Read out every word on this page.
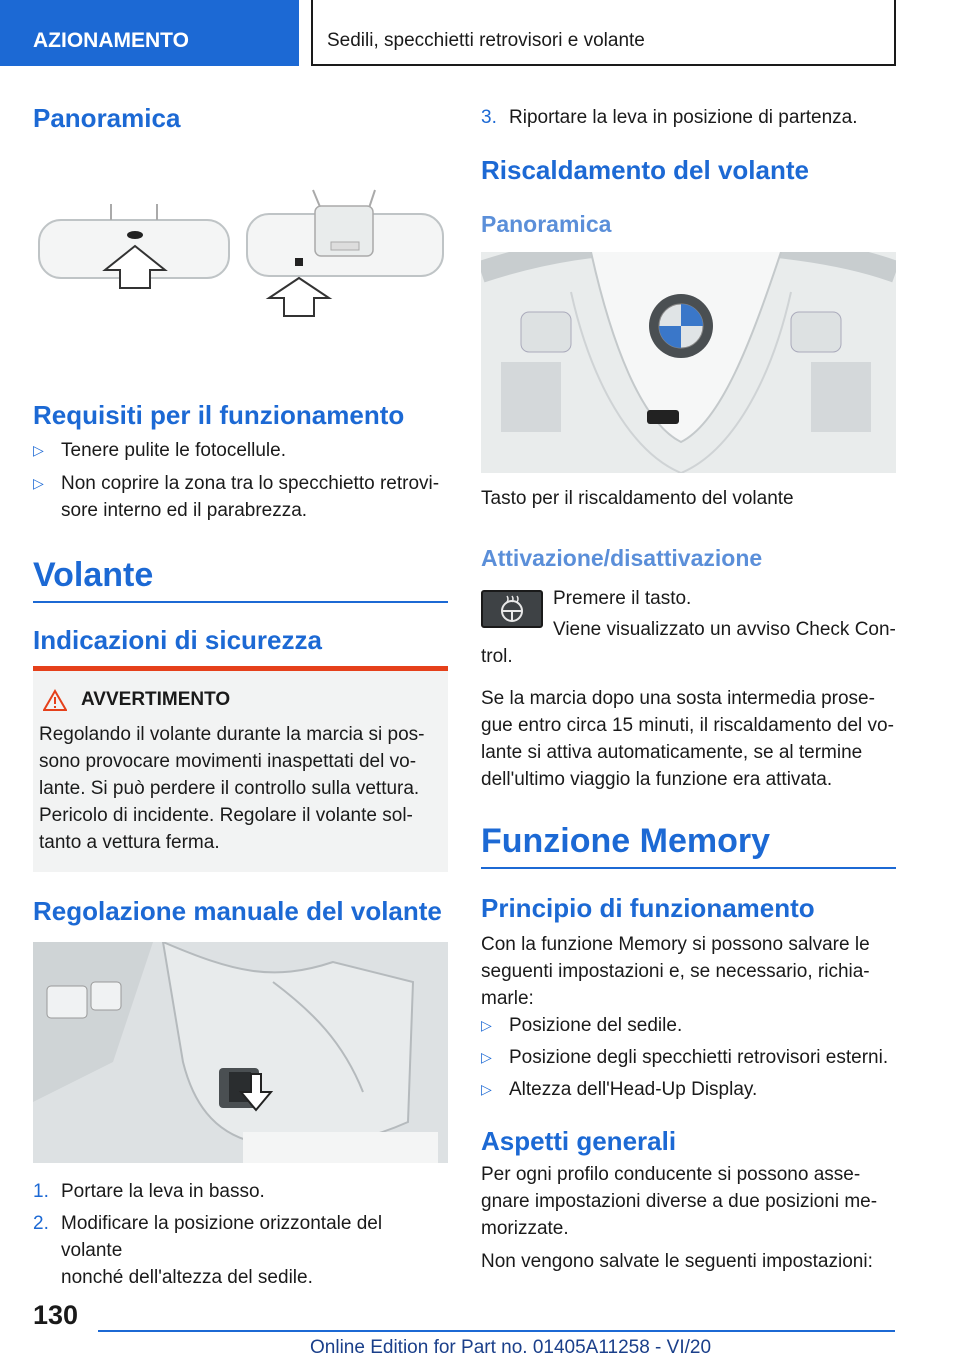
AZIONAMENTO	Sedili, specchietti retrovisori e volante
Panoramica
Requisiti per il funzionamento
▷ Tenere pulite le fotocellule.
▷ Non coprire la zona tra lo specchietto retrovi-
sore interno ed il parabrezza.
Volante
Indicazioni di sicurezza
AVVERTIMENTO
Regolando il volante durante la marcia si pos-
sono provocare movimenti inaspettati del vo-
lante. Si può perdere il controllo sulla vettura.
Pericolo di incidente. Regolare il volante sol-
tanto a vettura ferma.
Regolazione manuale del volante
1. Portare la leva in basso.
2. Modificare la posizione orizzontale del volante
nonché dell'altezza del sedile.
3. Riportare la leva in posizione di partenza.
Riscaldamento del volante
Panoramica
Tasto per il riscaldamento del volante
Attivazione/disattivazione
Premere il tasto.
Viene visualizzato un avviso Check Con-
trol.
Se la marcia dopo una sosta intermedia prose-
gue entro circa 15 minuti, il riscaldamento del vo-
lante si attiva automaticamente, se al termine
dell'ultimo viaggio la funzione era attivata.
Funzione Memory
Principio di funzionamento
Con la funzione Memory si possono salvare le
seguenti impostazioni e, se necessario, richia-
marle:
▷ Posizione del sedile.
▷ Posizione degli specchietti retrovisori esterni.
▷ Altezza dell'Head-Up Display.
Aspetti generali
Per ogni profilo conducente si possono asse-
gnare impostazioni diverse a due posizioni me-
morizzate.
Non vengono salvate le seguenti impostazioni:
130
Online Edition for Part no. 01405A11258 - VI/20
